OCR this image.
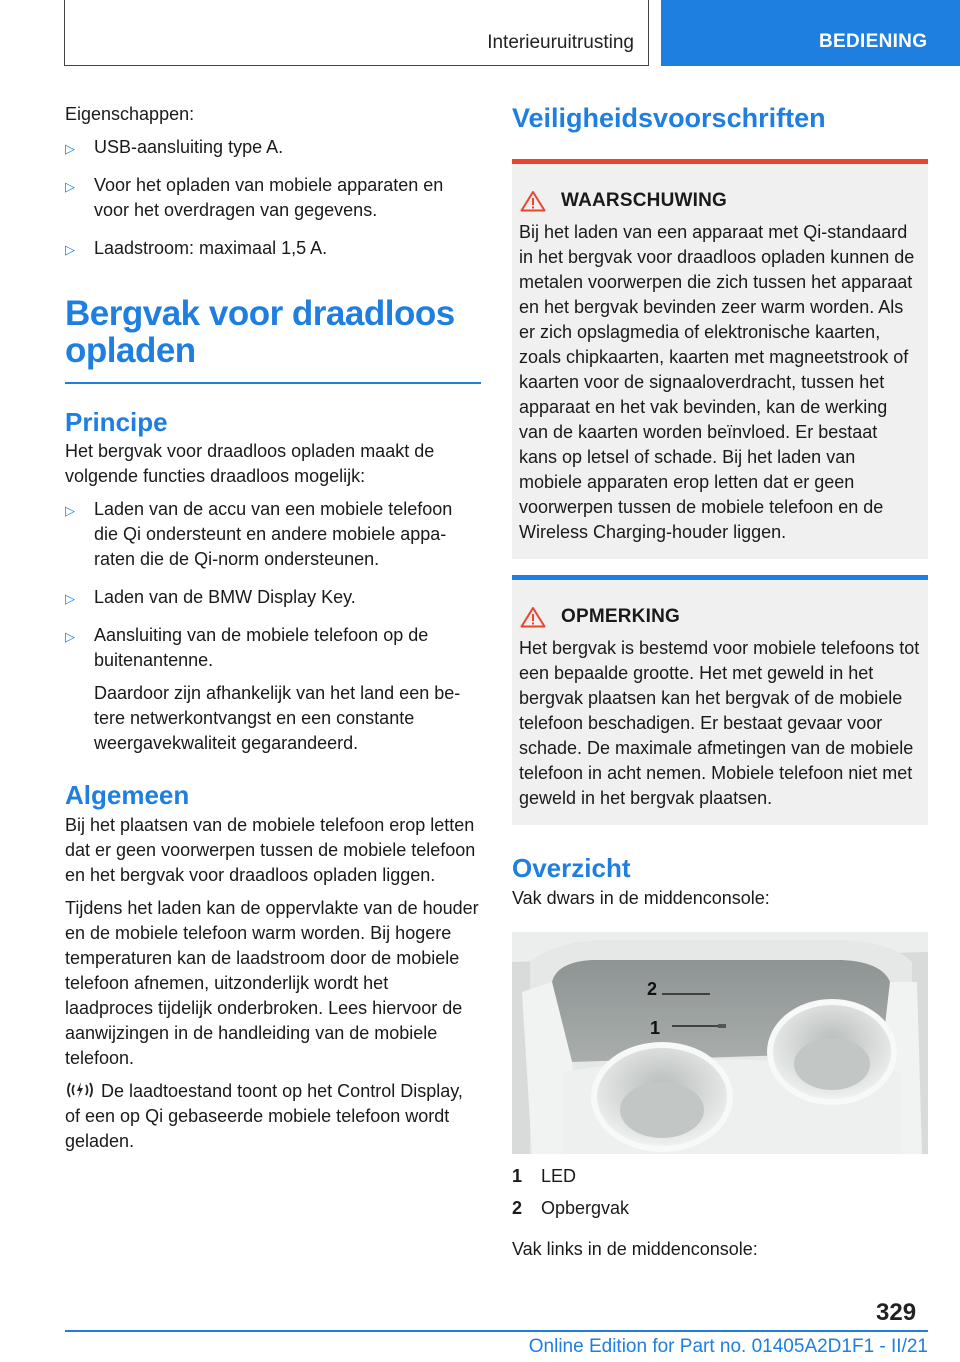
Interieuruitrusting	BEDIENING

Eigenschappen:

▷ USB-aansluiting type A.

▷ Voor het opladen van mobiele apparaten en voor het overdragen van gegevens.

▷ Laadstroom: maximaal 1,5 A.

Bergvak voor draadloos opladen
Principe

Het bergvak voor draadloos opladen maakt de volgende functies draadloos mogelijk:

▷ Laden van de accu van een mobiele telefoon die Qi ondersteunt en andere mobiele apparaten die de Qi-norm ondersteunen.

▷ Laden van de BMW Display Key.

▷ Aansluiting van de mobiele telefoon op de buitenantenne.

Daardoor zijn afhankelijk van het land een betere netwerkontvangst en een constante weergavekwaliteit gegarandeerd.

Algemeen

Bij het plaatsen van de mobiele telefoon erop letten dat er geen voorwerpen tussen de mobiele telefoon en het bergvak voor draadloos opladen liggen.

Tijdens het laden kan de oppervlakte van de houder en de mobiele telefoon warm worden. Bij hogere temperaturen kan de laadstroom door de mobiele telefoon afnemen, uitzonderlijk wordt het laadproces tijdelijk onderbroken. Lees hiervoor de aanwijzingen in de handleiding van de mobiele telefoon.

De laadtoestand toont op het Control Display, of een op Qi gebaseerde mobiele telefoon wordt geladen.

Veiligheidsvoorschriften
WAARSCHUWING

Bij het laden van een apparaat met Qi-standaard in het bergvak voor draadloos opladen kunnen de metalen voorwerpen die zich tussen het apparaat en het bergvak bevinden zeer warm worden. Als er zich opslagmedia of elektronische kaarten, zoals chipkaarten, kaarten met magneetstrook of kaarten voor de signaaloverdracht, tussen het apparaat en het vak bevinden, kan de werking van de kaarten worden beïnvloed. Er bestaat kans op letsel of schade. Bij het laden van mobiele apparaten erop letten dat er geen voorwerpen tussen de mobiele telefoon en de Wireless Charging-houder liggen.

OPMERKING

Het bergvak is bestemd voor mobiele telefoons tot een bepaalde grootte. Het met geweld in het bergvak plaatsen kan het bergvak of de mobiele telefoon beschadigen. Er bestaat gevaar voor schade. De maximale afmetingen van de mobiele telefoon in acht nemen. Mobiele telefoon niet met geweld in het bergvak plaatsen.

Overzicht

Vak dwars in de middenconsole:

2
1
1	LED
2	Opbergvak

Vak links in de middenconsole:

329
Online Edition for Part no. 01405A2D1F1 - II/21
